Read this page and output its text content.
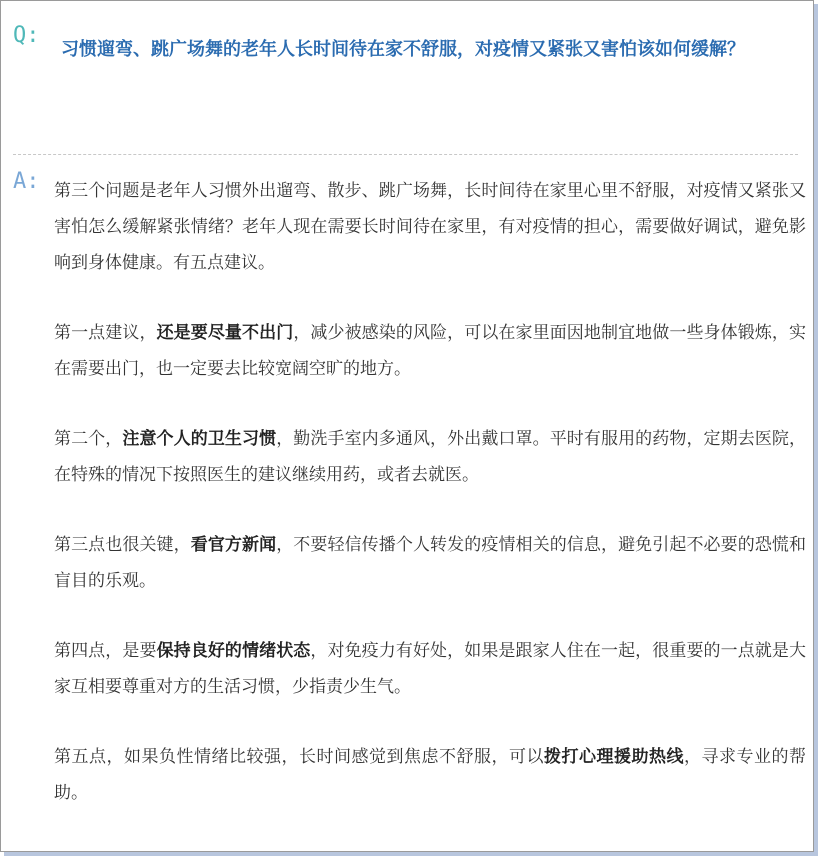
Q:

习惯遛弯、跳广场舞的老年人长时间待在家不舒服，对疫情又紧张又害怕该如何缓解？

A: 第三个问题是老年人习惯外出遛弯、散步、跳广场舞，长时间待在家里心里不舒服，对疫情又紧张又害怕怎么缓解紧张情绪？老年人现在需要长时间待在家里，有对疫情的担心，需要做好调试，避免影响到身体健康。有五点建议。

第一点建议，还是要尽量不出门，减少被感染的风险，可以在家里面因地制宜地做一些身体锻炼，实在需要出门，也一定要去比较宽阔空旷的地方。

第二个，注意个人的卫生习惯，勤洗手室内多通风，外出戴口罩。平时有服用的药物，定期去医院，在特殊的情况下按照医生的建议继续用药，或者去就医。

第三点也很关键，看官方新闻，不要轻信传播个人转发的疫情相关的信息，避免引起不必要的恐慌和盲目的乐观。

第四点，是要保持良好的情绪状态，对免疫力有好处，如果是跟家人住在一起，很重要的一点就是大家互相要尊重对方的生活习惯，少指责少生气。

第五点，如果负性情绪比较强，长时间感觉到焦虑不舒服，可以拨打心理援助热线，寻求专业的帮助。
